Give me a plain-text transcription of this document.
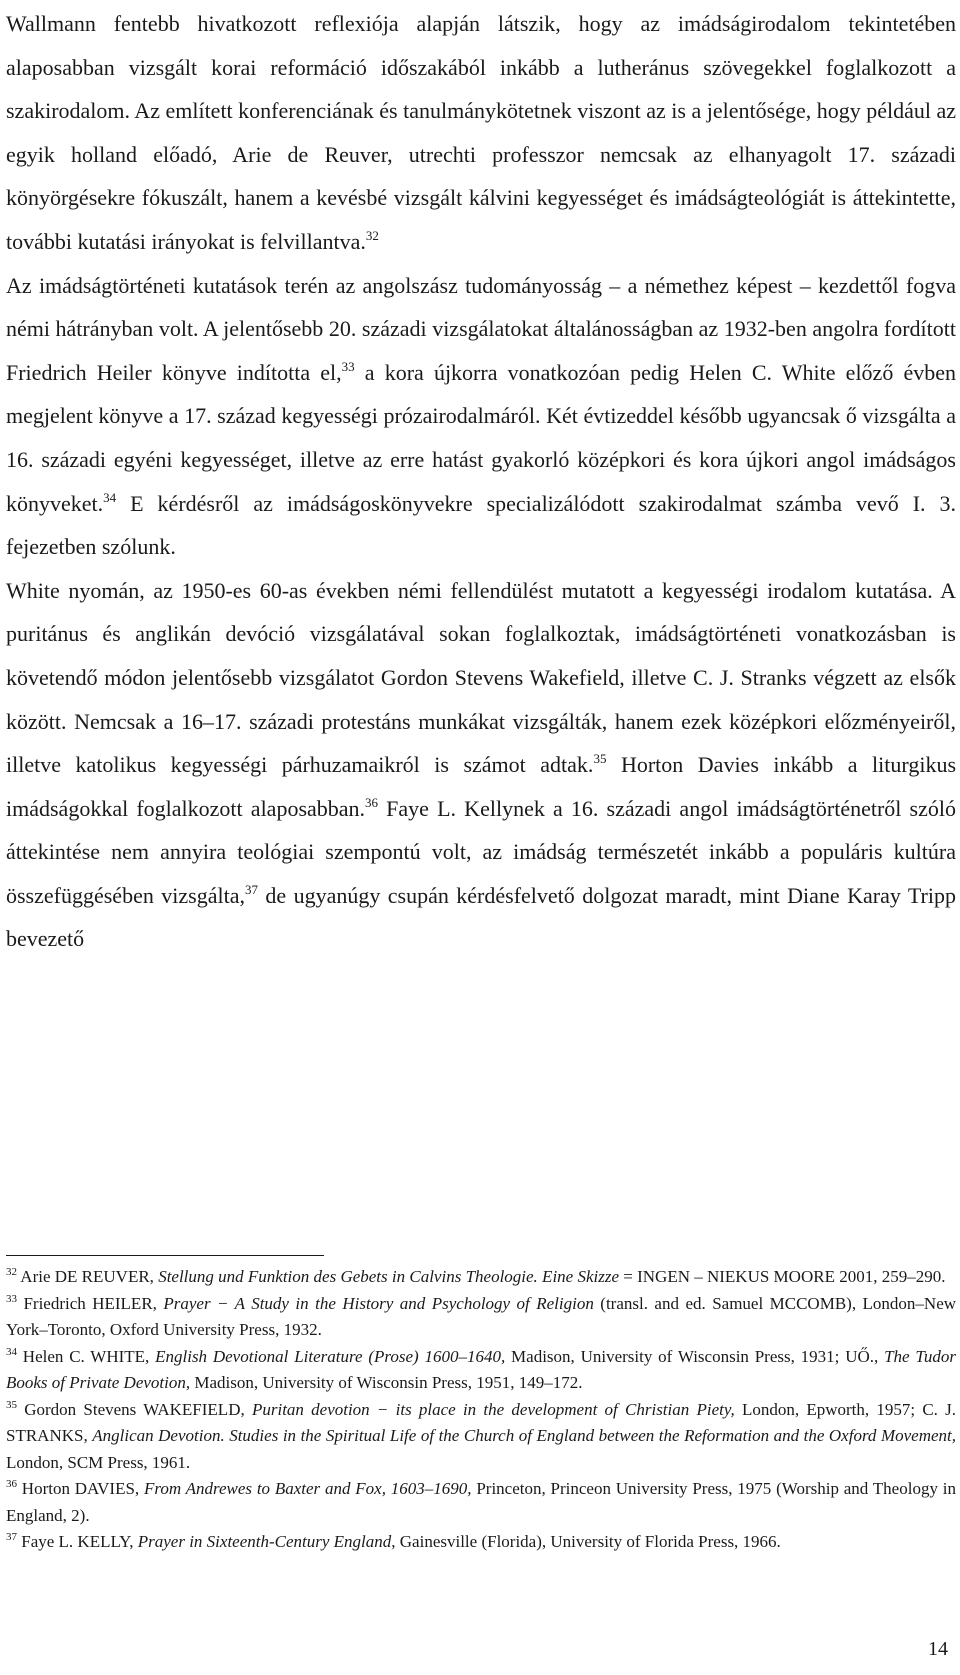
Wallmann fentebb hivatkozott reflexiója alapján látszik, hogy az imádságirodalom tekintetében alaposabban vizsgált korai reformáció időszakából inkább a lutheránus szövegekkel foglalkozott a szakirodalom. Az említett konferenciának és tanulmánykötetnek viszont az is a jelentősége, hogy például az egyik holland előadó, Arie de Reuver, utrechti professzor nemcsak az elhanyagolt 17. századi könyörgésekre fókuszált, hanem a kevésbé vizsgált kálvini kegyességet és imádságteológiát is áttekintette, további kutatási irányokat is felvillantva.$^{32}$

Az imádságtörténeti kutatások terén az angolszász tudományosság – a némethez képest – kezdettől fogva némi hátrányban volt. A jelentősebb 20. századi vizsgálatokat általánosságban az 1932-ben angolra fordított Friedrich Heiler könyve indította el,$^{33}$ a kora újkorra vonatkozóan pedig Helen C. White előző évben megjelent könyve a 17. század kegyességi prózairodalmáról. Két évtizeddel később ugyancsak ő vizsgálta a 16. századi egyéni kegyességet, illetve az erre hatást gyakorló középkori és kora újkori angol imádságos könyveket.$^{34}$ E kérdésről az imádságoskönyvekre specializálódott szakirodalmat számba vevő I. 3. fejezetben szólunk.

White nyomán, az 1950-es 60-as években némi fellendülést mutatott a kegyességi irodalom kutatása. A puritánus és anglikán devóció vizsgálatával sokan foglalkoztak, imádságtörténeti vonatkozásban is követendő módon jelentősebb vizsgálatot Gordon Stevens Wakefield, illetve C. J. Stranks végzett az elsők között. Nemcsak a 16–17. századi protestáns munkákat vizsgálták, hanem ezek középkori előzményeiről, illetve katolikus kegyességi párhuzamaikról is számot adtak.$^{35}$ Horton Davies inkább a liturgikus imádságokkal foglalkozott alaposabban.$^{36}$ Faye L. Kellynek a 16. századi angol imádságtörténetről szóló áttekintése nem annyira teológiai szempontú volt, az imádság természetét inkább a populáris kultúra összefüggésében vizsgálta,$^{37}$ de ugyanúgy csupán kérdésfelvető dolgozat maradt, mint Diane Karay Tripp bevezető

$^{32}$ Arie DE REUVER, Stellung und Funktion des Gebets in Calvins Theologie. Eine Skizze = INGEN – NIEKUS MOORE 2001, 259–290.

$^{33}$ Friedrich HEILER, Prayer − A Study in the History and Psychology of Religion (transl. and ed. Samuel MCCOMB), London–New York–Toronto, Oxford University Press, 1932.

$^{34}$ Helen C. WHITE, English Devotional Literature (Prose) 1600–1640, Madison, University of Wisconsin Press, 1931; UŐ., The Tudor Books of Private Devotion, Madison, University of Wisconsin Press, 1951, 149–172.

$^{35}$ Gordon Stevens WAKEFIELD, Puritan devotion − its place in the development of Christian Piety, London, Epworth, 1957; C. J. STRANKS, Anglican Devotion. Studies in the Spiritual Life of the Church of England between the Reformation and the Oxford Movement, London, SCM Press, 1961.

$^{36}$ Horton DAVIES, From Andrewes to Baxter and Fox, 1603–1690, Princeton, Princeon University Press, 1975 (Worship and Theology in England, 2).

$^{37}$ Faye L. KELLY, Prayer in Sixteenth-Century England, Gainesville (Florida), University of Florida Press, 1966.

14
